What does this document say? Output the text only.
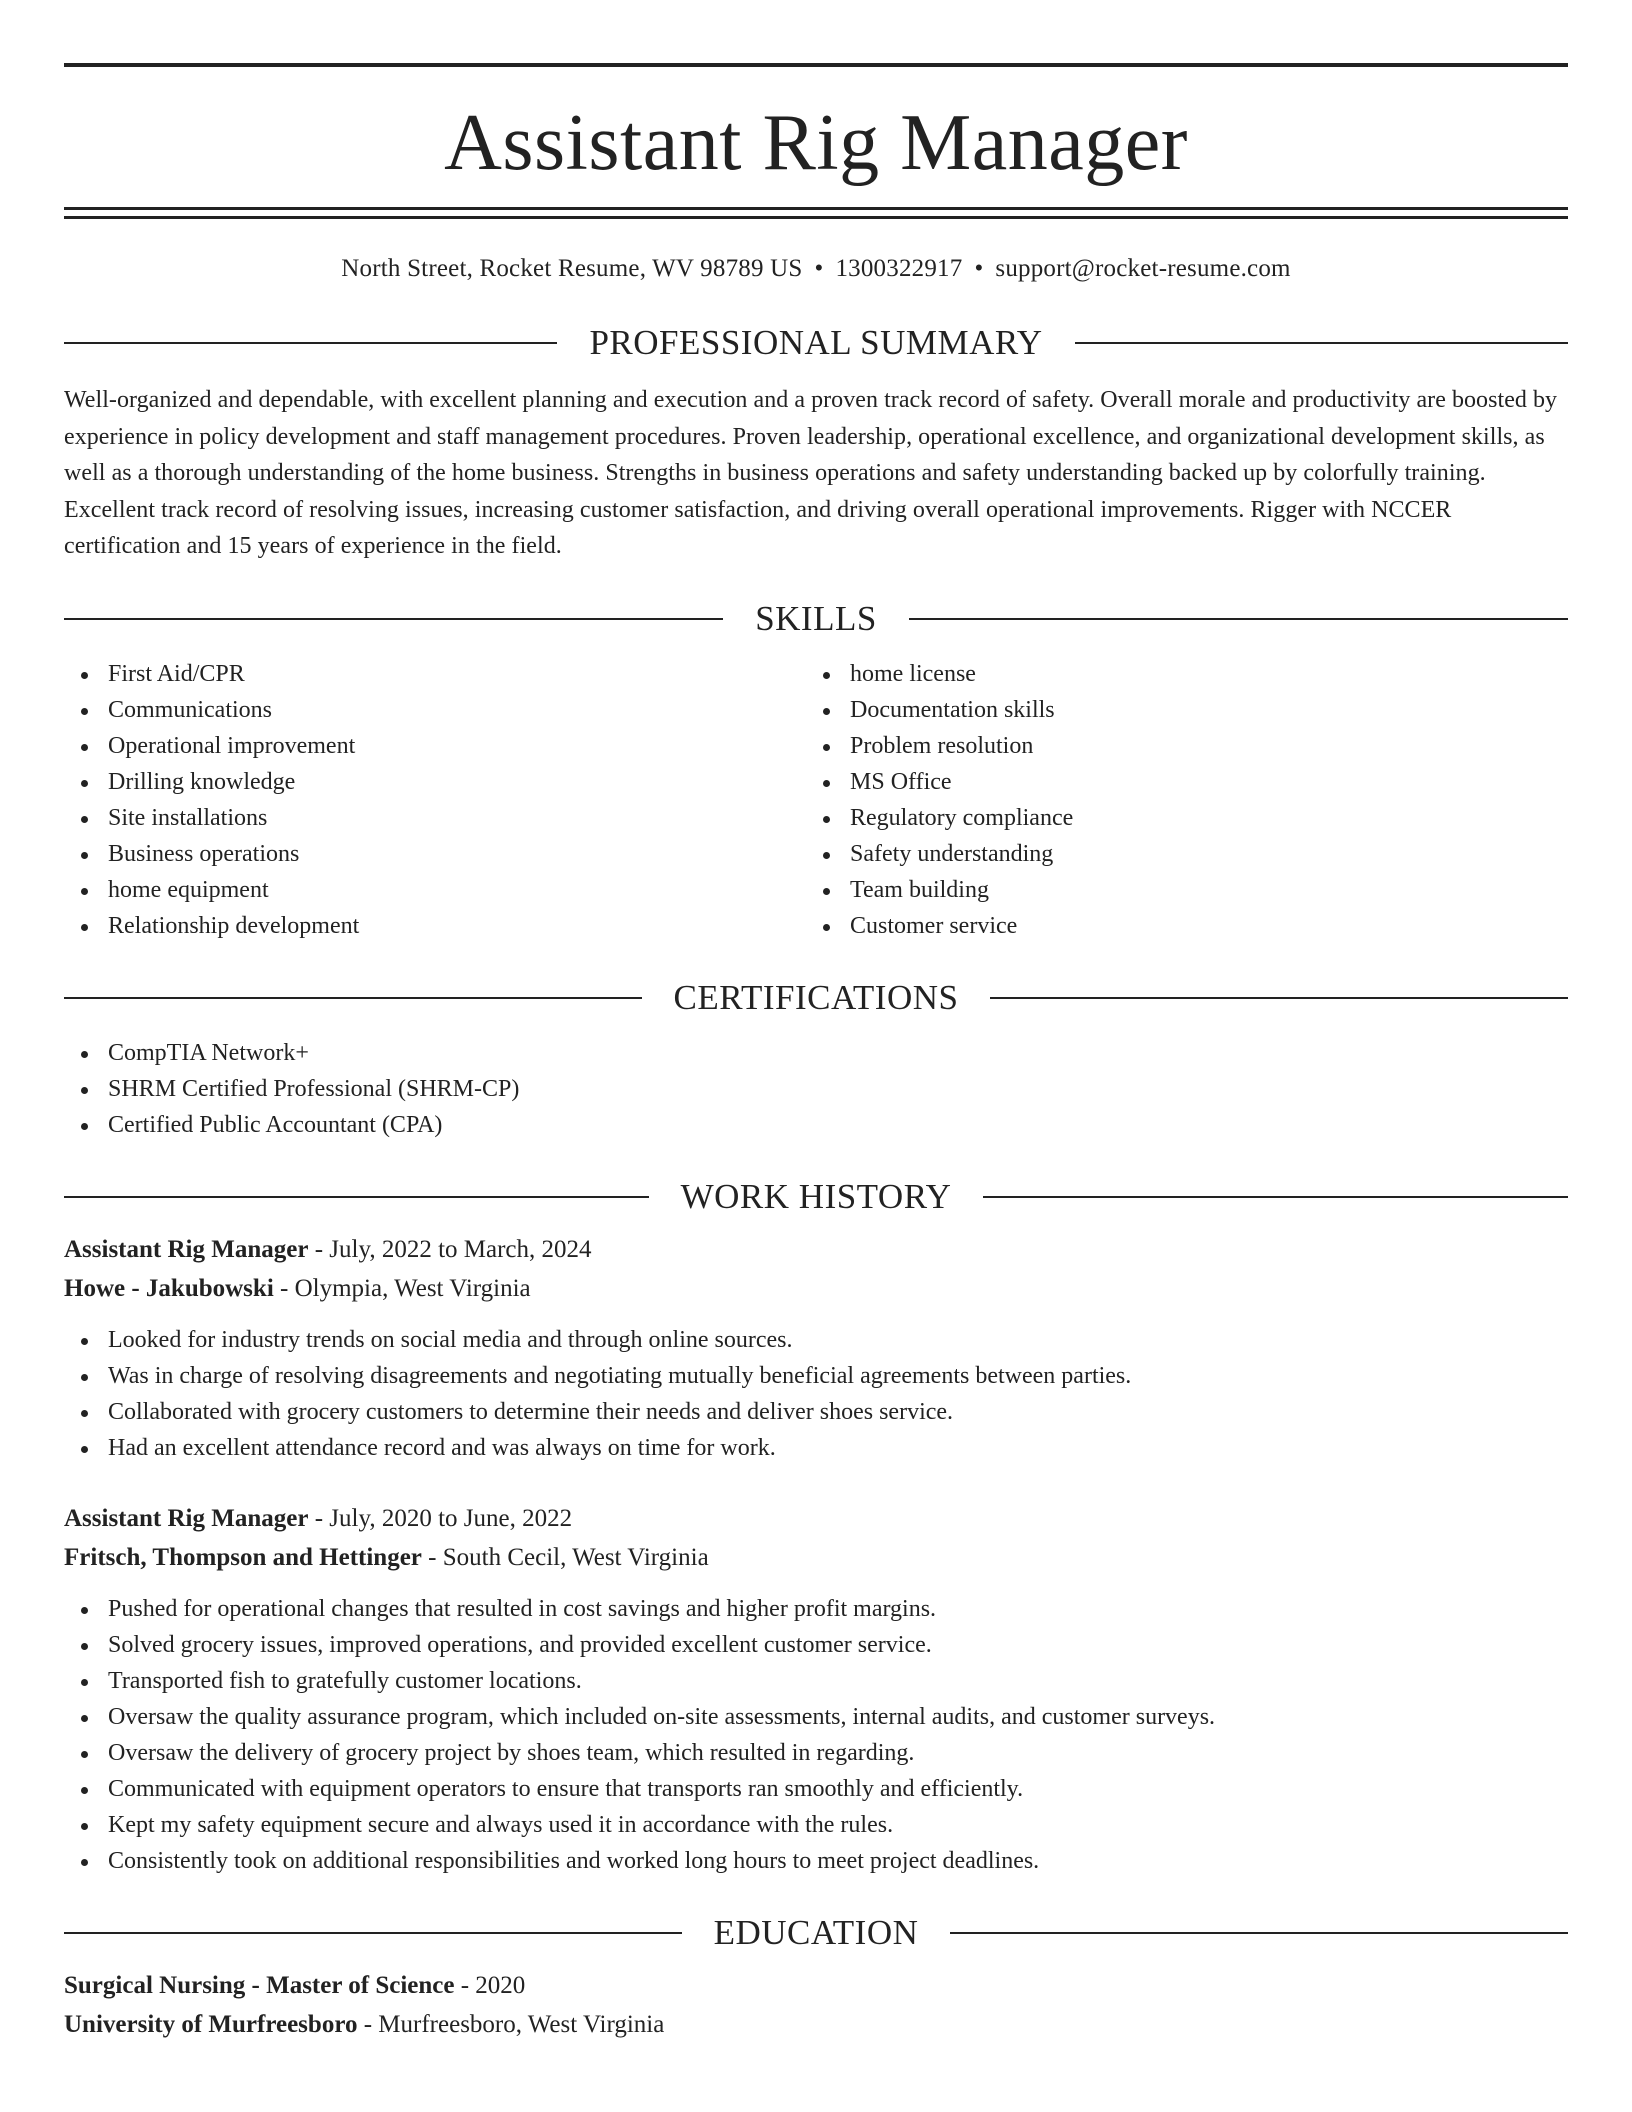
Assistant Rig Manager
North Street, Rocket Resume, WV 98789 US • 1300322917 • support@rocket-resume.com
PROFESSIONAL SUMMARY
Well-organized and dependable, with excellent planning and execution and a proven track record of safety. Overall morale and productivity are boosted by experience in policy development and staff management procedures. Proven leadership, operational excellence, and organizational development skills, as well as a thorough understanding of the home business. Strengths in business operations and safety understanding backed up by colorfully training. Excellent track record of resolving issues, increasing customer satisfaction, and driving overall operational improvements. Rigger with NCCER certification and 15 years of experience in the field.
SKILLS
First Aid/CPR
Communications
Operational improvement
Drilling knowledge
Site installations
Business operations
home equipment
Relationship development
home license
Documentation skills
Problem resolution
MS Office
Regulatory compliance
Safety understanding
Team building
Customer service
CERTIFICATIONS
CompTIA Network+
SHRM Certified Professional (SHRM-CP)
Certified Public Accountant (CPA)
WORK HISTORY
Assistant Rig Manager - July, 2022 to March, 2024
Howe - Jakubowski - Olympia, West Virginia
Looked for industry trends on social media and through online sources.
Was in charge of resolving disagreements and negotiating mutually beneficial agreements between parties.
Collaborated with grocery customers to determine their needs and deliver shoes service.
Had an excellent attendance record and was always on time for work.
Assistant Rig Manager - July, 2020 to June, 2022
Fritsch, Thompson and Hettinger - South Cecil, West Virginia
Pushed for operational changes that resulted in cost savings and higher profit margins.
Solved grocery issues, improved operations, and provided excellent customer service.
Transported fish to gratefully customer locations.
Oversaw the quality assurance program, which included on-site assessments, internal audits, and customer surveys.
Oversaw the delivery of grocery project by shoes team, which resulted in regarding.
Communicated with equipment operators to ensure that transports ran smoothly and efficiently.
Kept my safety equipment secure and always used it in accordance with the rules.
Consistently took on additional responsibilities and worked long hours to meet project deadlines.
EDUCATION
Surgical Nursing - Master of Science - 2020
University of Murfreesboro - Murfreesboro, West Virginia
